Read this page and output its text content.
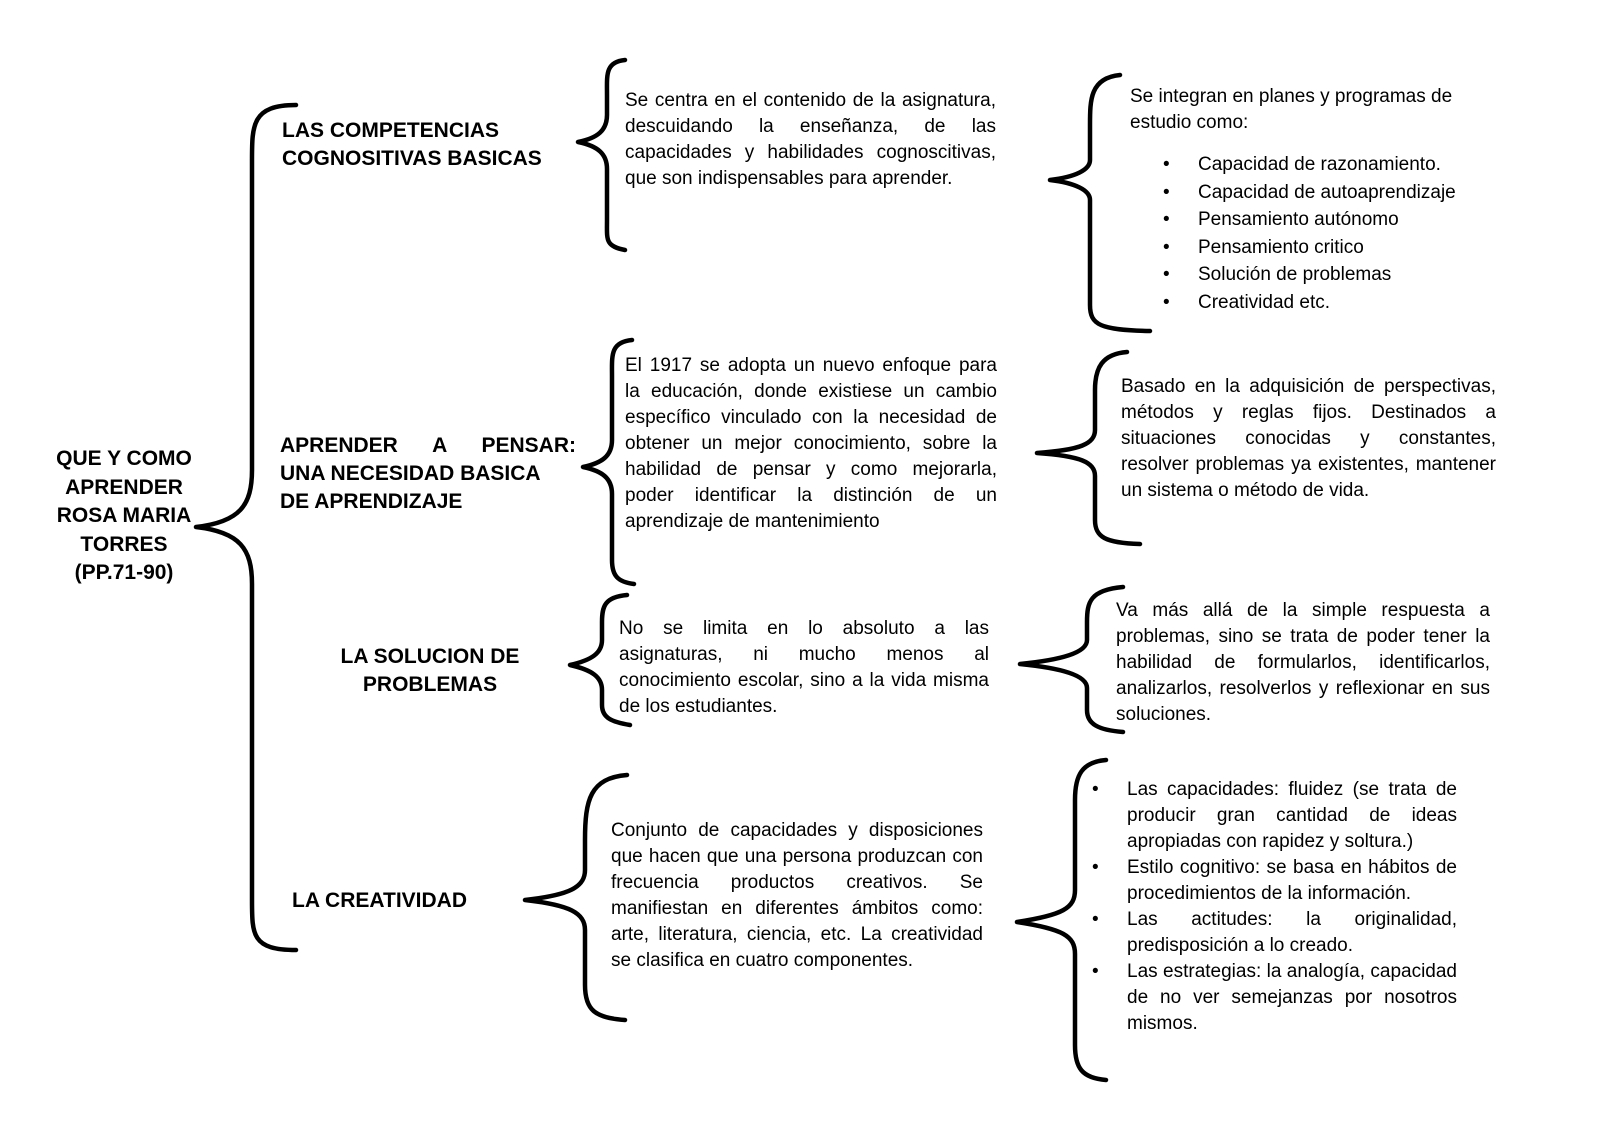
QUE Y COMO
APRENDER
ROSA MARIA
TORRES
(PP.71-90)
LAS COMPETENCIAS
COGNOSITIVAS BASICAS
Se centra en el contenido de la asignatura, descuidando la enseñanza, de las capacidades y habilidades cognoscitivas, que son indispensables para aprender.
Se integran en planes y programas de estudio como:
• Capacidad de razonamiento.
• Capacidad de autoaprendizaje
• Pensamiento autónomo
• Pensamiento critico
• Solución de problemas
• Creatividad etc.
APRENDER A PENSAR:
UNA NECESIDAD BASICA
DE APRENDIZAJE
El 1917 se adopta un nuevo enfoque para la educación, donde existiese un cambio específico vinculado con la necesidad de obtener un mejor conocimiento, sobre la habilidad de pensar y como mejorarla, poder identificar la distinción de un aprendizaje de mantenimiento
Basado en la adquisición de perspectivas, métodos y reglas fijos. Destinados a situaciones conocidas y constantes, resolver problemas ya existentes, mantener un sistema o método de vida.
LA SOLUCION DE
PROBLEMAS
No se limita en lo absoluto a las asignaturas, ni mucho menos al conocimiento escolar, sino a la vida misma de los estudiantes.
Va más allá de la simple respuesta a problemas, sino se trata de poder tener la habilidad de formularlos, identificarlos, analizarlos, resolverlos y reflexionar en sus soluciones.
LA CREATIVIDAD
Conjunto de capacidades y disposiciones que hacen que una persona produzcan con frecuencia productos creativos. Se manifiestan en diferentes ámbitos como: arte, literatura, ciencia, etc. La creatividad se clasifica en cuatro componentes.
• Las capacidades: fluidez (se trata de producir gran cantidad de ideas apropiadas con rapidez y soltura.)
• Estilo cognitivo: se basa en hábitos de procedimientos de la información.
• Las actitudes: la originalidad, predisposición a lo creado.
• Las estrategias: la analogía, capacidad de no ver semejanzas por nosotros mismos.
